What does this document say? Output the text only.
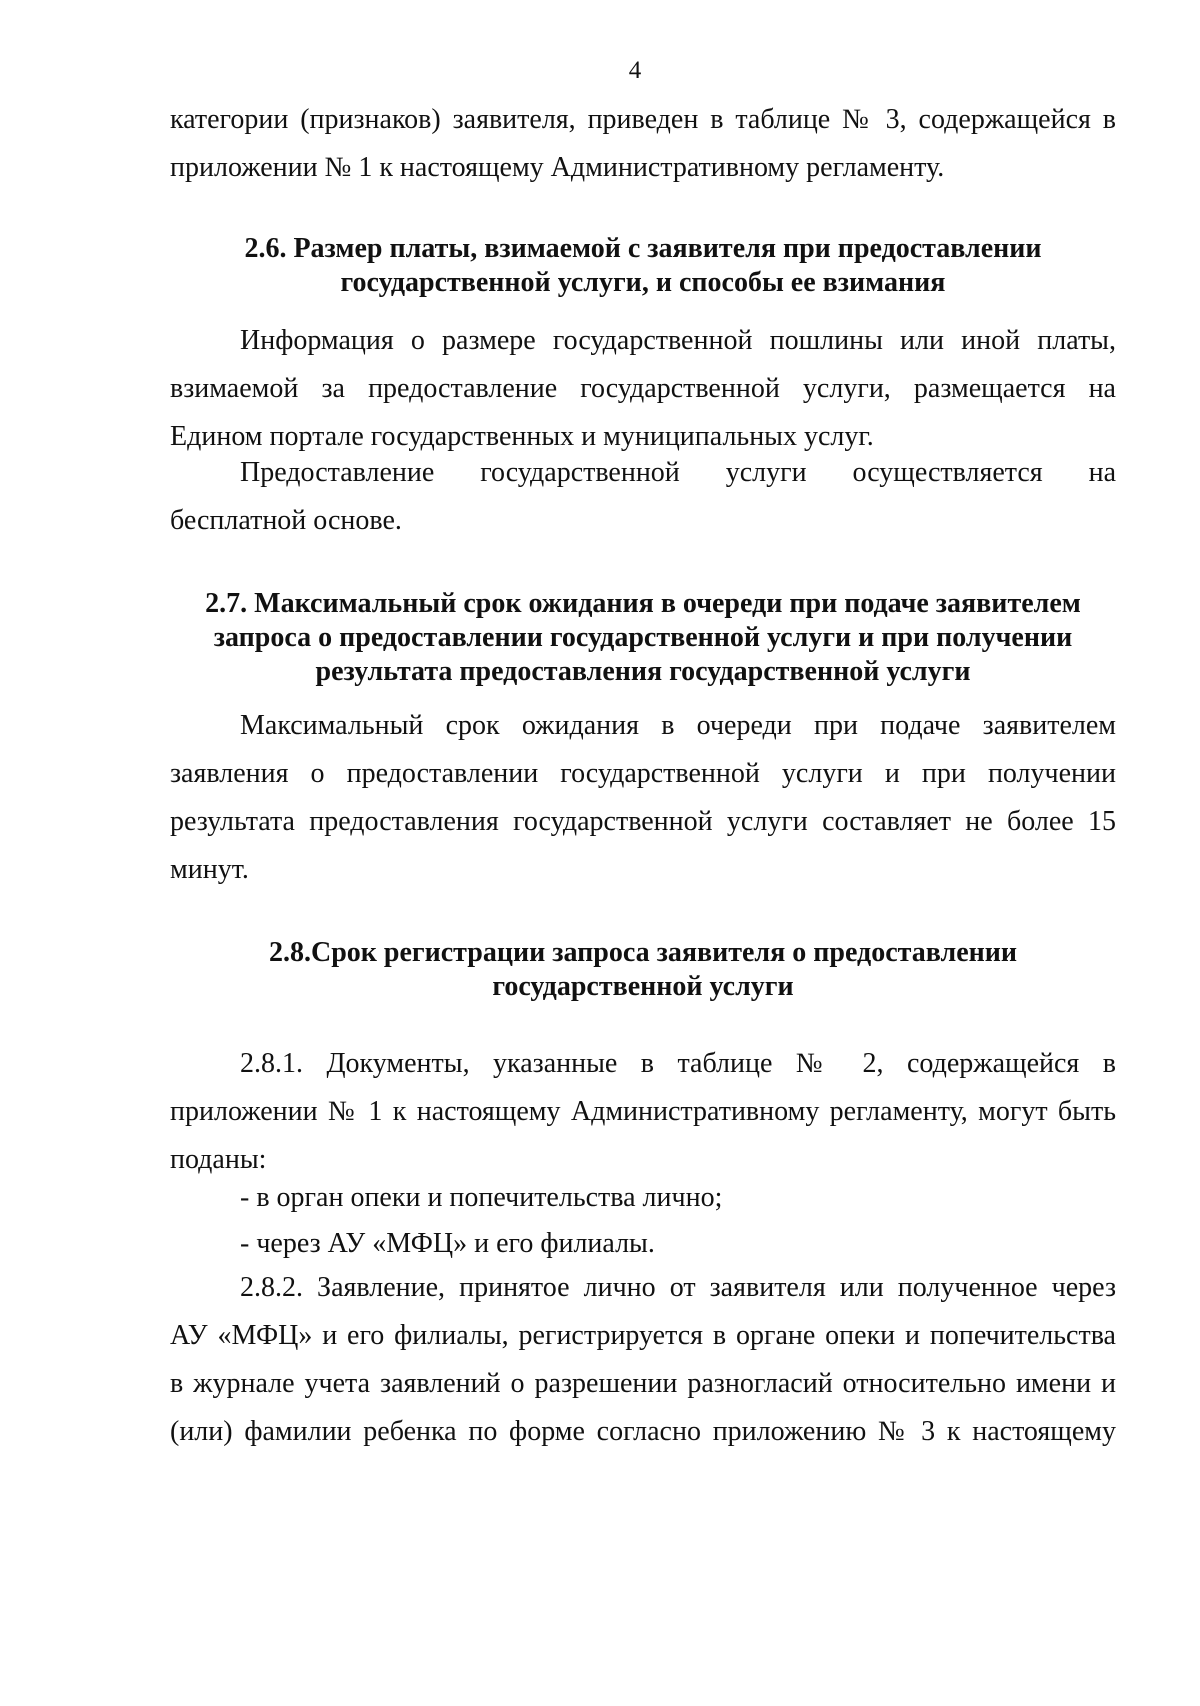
4
категории (признаков) заявителя, приведен в таблице № 3, содержащейся в
приложении № 1 к настоящему Административному регламенту.
2.6. Размер платы, взимаемой с заявителя при предоставлении
государственной услуги, и способы ее взимания
Информация о размере государственной пошлины или иной платы, взимаемой за предоставление государственной услуги, размещается на Едином портале государственных и муниципальных услуг.
Предоставление государственной услуги осуществляется на
бесплатной основе.
2.7. Максимальный срок ожидания в очереди при подаче заявителем
запроса о предоставлении государственной услуги и при получении
результата предоставления государственной услуги
Максимальный срок ожидания в очереди при подаче заявителем заявления о предоставлении государственной услуги и при получении результата предоставления государственной услуги составляет не более 15 минут.
2.8.Срок регистрации запроса заявителя о предоставлении
государственной услуги
2.8.1. Документы, указанные в таблице № 2, содержащейся в приложении № 1 к настоящему Административному регламенту, могут быть поданы:
- в орган опеки и попечительства лично;
- через АУ «МФЦ» и его филиалы.
2.8.2. Заявление, принятое лично от заявителя или полученное через
АУ «МФЦ» и его филиалы, регистрируется в органе опеки и попечительства
в журнале учета заявлений о разрешении разногласий относительно имени и
(или) фамилии ребенка по форме согласно приложению № 3 к настоящему
